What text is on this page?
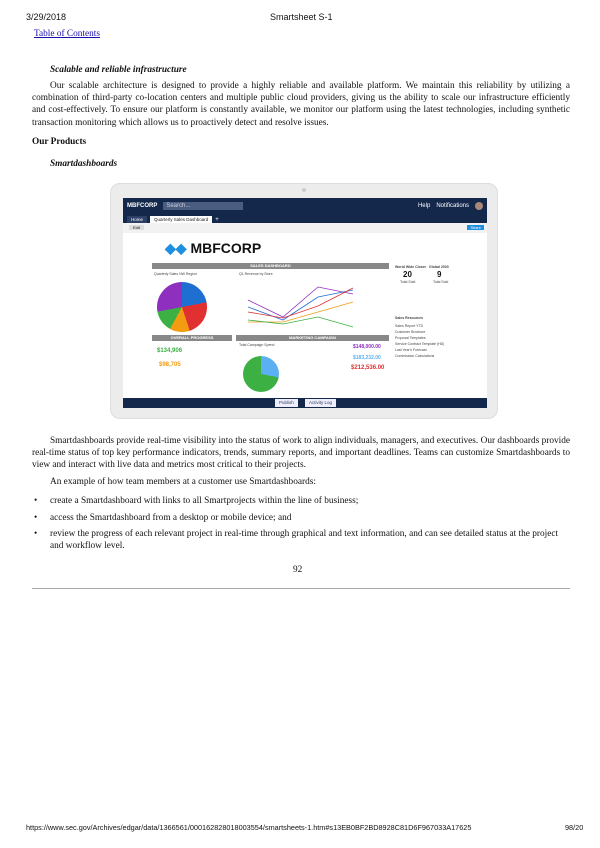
3/29/2018	Smartsheet S-1
Table of Contents
Scalable and reliable infrastructure
Our scalable architecture is designed to provide a highly reliable and available platform. We maintain this reliability by utilizing a combination of third-party co-location centers and multiple public cloud providers, giving us the ability to scale our infrastructure efficiently and cost-effectively. To ensure our platform is constantly available, we monitor our platform using the latest technologies, including synthetic transaction monitoring which allows us to proactively detect and resolve issues.
Our Products
Smartdashboards
MBFCORP	Search...	Help Notifications
Home	Quarterly Sales Dashboard	+
Edit	Share
◆◆ MBFCORP
SALES DASHBOARD
Quarterly Sales NW Region	Q1 Revenue by Store
World Wide Closer Global 2000
20	9
Total Sold	Total Sold
Sales Resources
Sales Report YTD
Customer Brochure
Proposal Templates
Service Contract Template (HD)
Last Year's Forecast
Commission Calculations
OVERALL PROGRESS	MARKETING CAMPAIGN
Total Campaign Spend
$134,906
$98,705
$148,000.00
$183,232.00
$212,536.00
Publish	Activity Log
Smartdashboards provide real-time visibility into the status of work to align individuals, managers, and executives. Our dashboards provide real-time status of top key performance indicators, trends, summary reports, and important deadlines. Teams can customize Smartdashboards to view and interact with live data and metrics most critical to their projects.
An example of how team members at a customer use Smartdashboards:
• create a Smartdashboard with links to all Smartprojects within the line of business;
• access the Smartdashboard from a desktop or mobile device; and
• review the progress of each relevant project in real-time through graphical and text information, and can see detailed status at the project and workflow level.
92
https://www.sec.gov/Archives/edgar/data/1366561/000162828018003554/smartsheets-1.htm#s13EB0BF2BD8928C81D6F967033A17625	98/20
